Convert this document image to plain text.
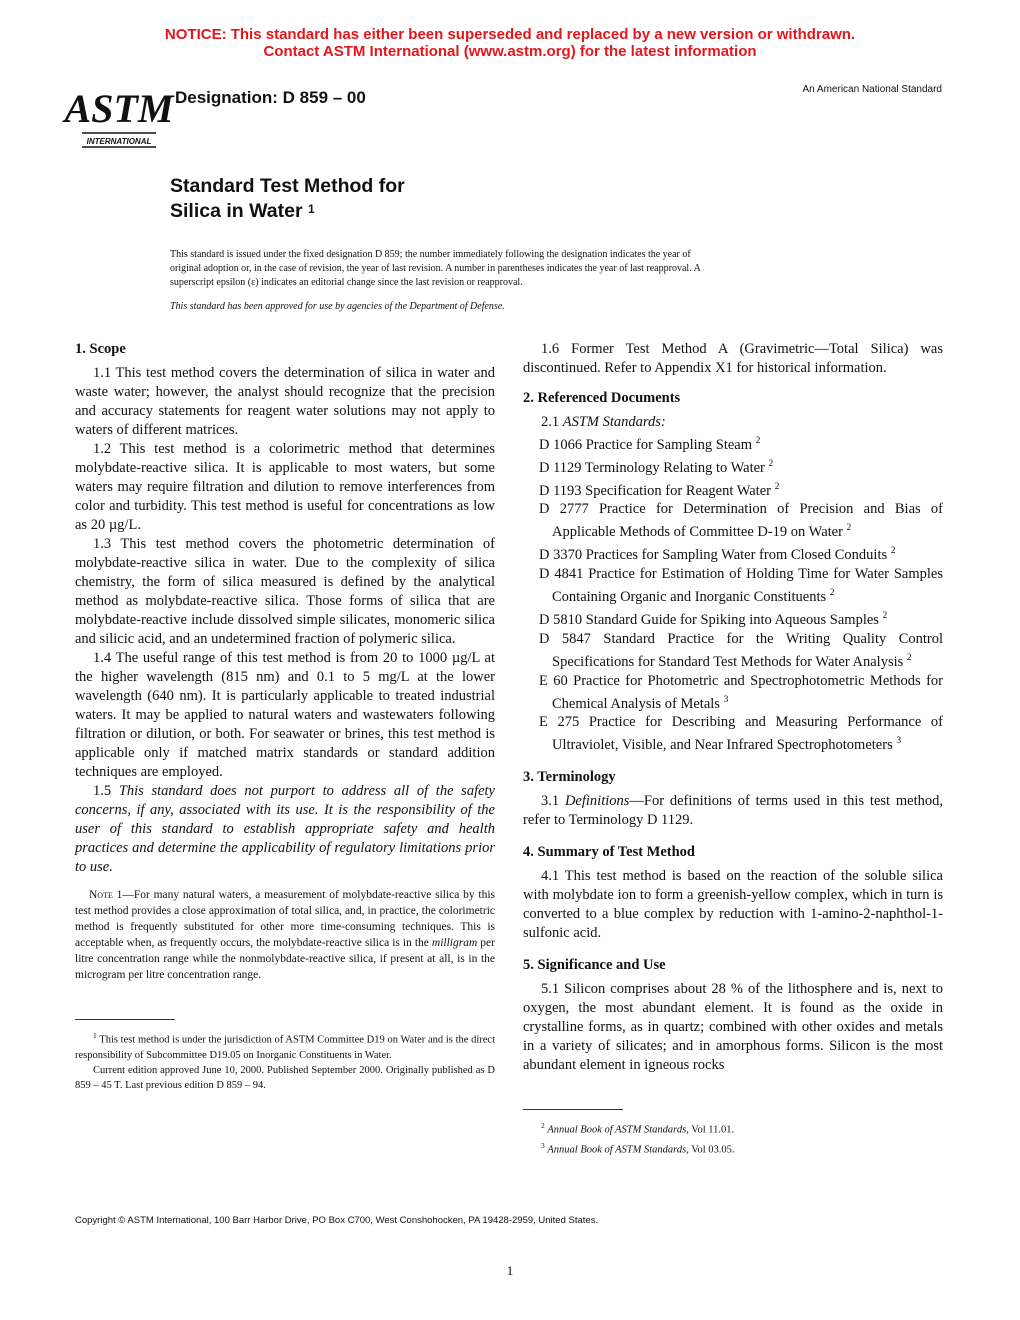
NOTICE: This standard has either been superseded and replaced by a new version or withdrawn.
Contact ASTM International (www.astm.org) for the latest information
ASTM
INTERNATIONAL
Designation: D 859 – 00	An American National Standard
Standard Test Method for
Silica in Water $^1$
This standard is issued under the fixed designation D 859; the number immediately following the designation indicates the year of
original adoption or, in the case of revision, the year of last revision. A number in parentheses indicates the year of last reapproval. A
superscript epsilon (ε) indicates an editorial change since the last revision or reapproval.
This standard has been approved for use by agencies of the Department of Defense.
1. Scope

1.1 This test method covers the determination of silica in water and waste water; however, the analyst should recognize that the precision and accuracy statements for reagent water solutions may not apply to waters of different matrices.

1.2 This test method is a colorimetric method that determines molybdate-reactive silica. It is applicable to most waters, but some waters may require filtration and dilution to remove interferences from color and turbidity. This test method is useful for concentrations as low as 20 µg/L.

1.3 This test method covers the photometric determination of molybdate-reactive silica in water. Due to the complexity of silica chemistry, the form of silica measured is defined by the analytical method as molybdate-reactive silica. Those forms of silica that are molybdate-reactive include dissolved simple silicates, monomeric silica and silicic acid, and an undetermined fraction of polymeric silica.

1.4 The useful range of this test method is from 20 to 1000 µg/L at the higher wavelength (815 nm) and 0.1 to 5 mg/L at the lower wavelength (640 nm). It is particularly applicable to treated industrial waters. It may be applied to natural waters and wastewaters following filtration or dilution, or both. For seawater or brines, this test method is applicable only if matched matrix standards or standard addition techniques are employed.

1.5 This standard does not purport to address all of the safety concerns, if any, associated with its use. It is the responsibility of the user of this standard to establish appropriate safety and health practices and determine the applicability of regulatory limitations prior to use.

Note 1—For many natural waters, a measurement of molybdate-reactive silica by this test method provides a close approximation of total silica, and, in practice, the colorimetric method is frequently substituted for other more time-consuming techniques. This is acceptable when, as frequently occurs, the molybdate-reactive silica is in the milligram per litre concentration range while the nonmolybdate-reactive silica, if present at all, is in the microgram per litre concentration range.
$^1$ This test method is under the jurisdiction of ASTM Committee D19 on Water and is the direct responsibility of Subcommittee D19.05 on Inorganic Constituents in Water.
Current edition approved June 10, 2000. Published September 2000. Originally published as D 859 – 45 T. Last previous edition D 859 – 94.

1.6 Former Test Method A (Gravimetric—Total Silica) was discontinued. Refer to Appendix X1 for historical information.

2. Referenced Documents

2.1 ASTM Standards:

D 1066 Practice for Sampling Steam $^2$
D 1129 Terminology Relating to Water $^2$
D 1193 Specification for Reagent Water $^2$
D 2777 Practice for Determination of Precision and Bias of Applicable Methods of Committee D-19 on Water $^2$
D 3370 Practices for Sampling Water from Closed Conduits $^2$
D 4841 Practice for Estimation of Holding Time for Water Samples Containing Organic and Inorganic Constituents $^2$
D 5810 Standard Guide for Spiking into Aqueous Samples $^2$
D 5847 Standard Practice for the Writing Quality Control Specifications for Standard Test Methods for Water Analysis $^2$
E 60 Practice for Photometric and Spectrophotometric Methods for Chemical Analysis of Metals $^3$
E 275 Practice for Describing and Measuring Performance of Ultraviolet, Visible, and Near Infrared Spectrophotometers $^3$
3. Terminology

3.1 Definitions—For definitions of terms used in this test method, refer to Terminology D 1129.

4. Summary of Test Method

4.1 This test method is based on the reaction of the soluble silica with molybdate ion to form a greenish-yellow complex, which in turn is converted to a blue complex by reduction with 1-amino-2-naphthol-1-sulfonic acid.

5. Significance and Use

5.1 Silicon comprises about 28 % of the lithosphere and is, next to oxygen, the most abundant element. It is found as the oxide in crystalline forms, as in quartz; combined with other oxides and metals in a variety of silicates; and in amorphous forms. Silicon is the most abundant element in igneous rocks

$^2$ Annual Book of ASTM Standards, Vol 11.01.
$^3$ Annual Book of ASTM Standards, Vol 03.05.
Copyright © ASTM International, 100 Barr Harbor Drive, PO Box C700, West Conshohocken, PA 19428-2959, United States.
1
